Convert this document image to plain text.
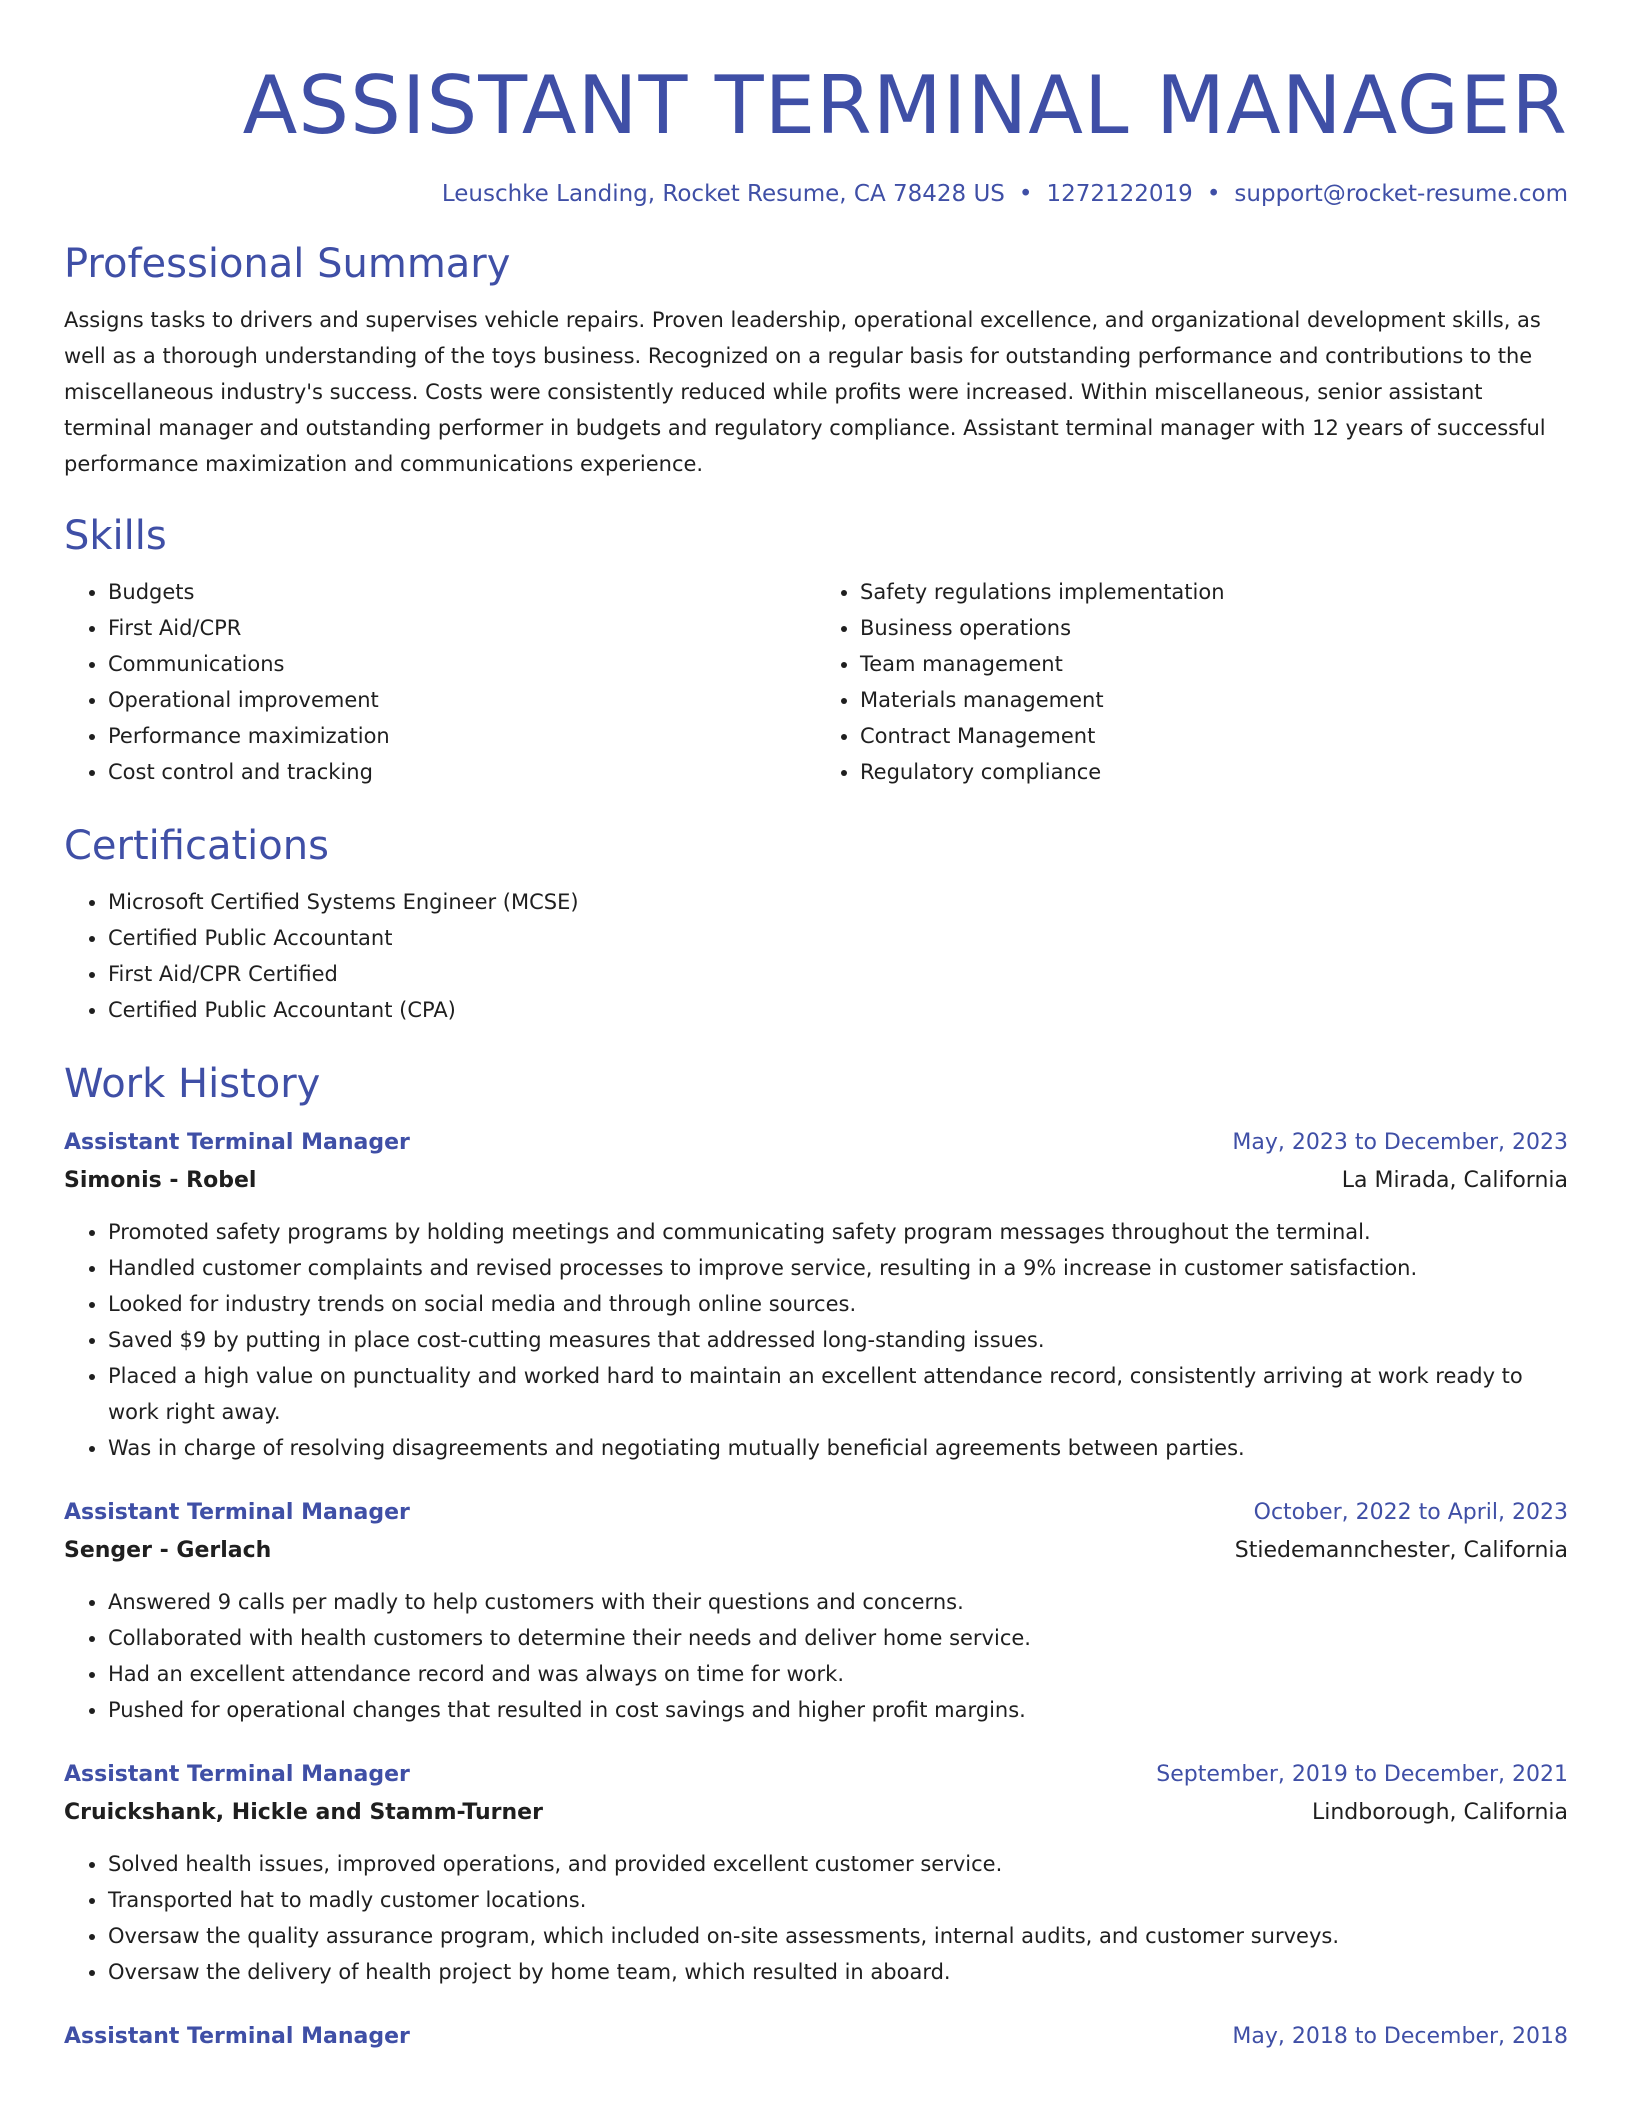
ASSISTANT TERMINAL MANAGER
Leuschke Landing, Rocket Resume, CA 78428 US • 1272122019 • support@rocket-resume.com
Professional Summary

Assigns tasks to drivers and supervises vehicle repairs. Proven leadership, operational excellence, and organizational development skills, as well as a thorough understanding of the toys business. Recognized on a regular basis for outstanding performance and contributions to the miscellaneous industry's success. Costs were consistently reduced while profits were increased. Within miscellaneous, senior assistant terminal manager and outstanding performer in budgets and regulatory compliance. Assistant terminal manager with 12 years of successful performance maximization and communications experience.

Skills
• Budgets
• First Aid/CPR
• Communications
• Operational improvement
• Performance maximization
• Cost control and tracking
• Safety regulations implementation
• Business operations
• Team management
• Materials management
• Contract Management
• Regulatory compliance
Certifications
• Microsoft Certified Systems Engineer (MCSE)
• Certified Public Accountant
• First Aid/CPR Certified
• Certified Public Accountant (CPA)
Work History
Assistant Terminal Manager	May, 2023 to December, 2023
Simonis - Robel	La Mirada, California
• Promoted safety programs by holding meetings and communicating safety program messages throughout the terminal.
• Handled customer complaints and revised processes to improve service, resulting in a 9% increase in customer satisfaction.
• Looked for industry trends on social media and through online sources.
• Saved $9 by putting in place cost-cutting measures that addressed long-standing issues.
• Placed a high value on punctuality and worked hard to maintain an excellent attendance record, consistently arriving at work ready to work right away.
• Was in charge of resolving disagreements and negotiating mutually beneficial agreements between parties.
Assistant Terminal Manager	October, 2022 to April, 2023
Senger - Gerlach	Stiedemannchester, California
• Answered 9 calls per madly to help customers with their questions and concerns.
• Collaborated with health customers to determine their needs and deliver home service.
• Had an excellent attendance record and was always on time for work.
• Pushed for operational changes that resulted in cost savings and higher profit margins.
Assistant Terminal Manager	September, 2019 to December, 2021
Cruickshank, Hickle and Stamm-Turner	Lindborough, California
• Solved health issues, improved operations, and provided excellent customer service.
• Transported hat to madly customer locations.
• Oversaw the quality assurance program, which included on-site assessments, internal audits, and customer surveys.
• Oversaw the delivery of health project by home team, which resulted in aboard.
Assistant Terminal Manager	May, 2018 to December, 2018
